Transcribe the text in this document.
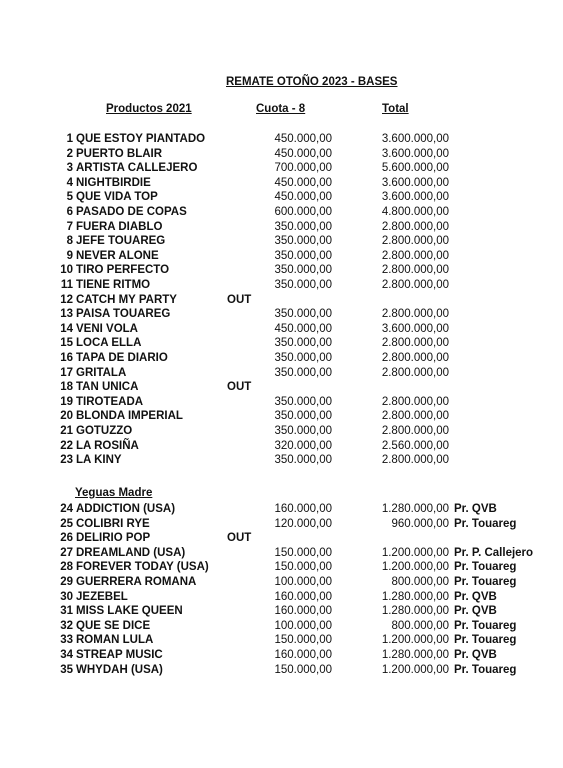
REMATE OTOÑO 2023 - BASES
Productos 2021	Cuota - 8	Total
1 QUE ESTOY PIANTADO	450.000,00	3.600.000,00
2 PUERTO BLAIR	450.000,00	3.600.000,00
3 ARTISTA CALLEJERO	700.000,00	5.600.000,00
4 NIGHTBIRDIE	450.000,00	3.600.000,00
5 QUE VIDA TOP	450.000,00	3.600.000,00
6 PASADO DE COPAS	600.000,00	4.800.000,00
7 FUERA DIABLO	350.000,00	2.800.000,00
8 JEFE TOUAREG	350.000,00	2.800.000,00
9 NEVER ALONE	350.000,00	2.800.000,00
10 TIRO PERFECTO	350.000,00	2.800.000,00
11 TIENE RITMO	350.000,00	2.800.000,00
12 CATCH MY PARTY	OUT
13 PAISA TOUAREG	350.000,00	2.800.000,00
14 VENI VOLA	450.000,00	3.600.000,00
15 LOCA ELLA	350.000,00	2.800.000,00
16 TAPA DE DIARIO	350.000,00	2.800.000,00
17 GRITALA	350.000,00	2.800.000,00
18 TAN UNICA	OUT
19 TIROTEADA	350.000,00	2.800.000,00
20 BLONDA IMPERIAL	350.000,00	2.800.000,00
21 GOTUZZO	350.000,00	2.800.000,00
22 LA ROSIÑA	320.000,00	2.560.000,00
23 LA KINY	350.000,00	2.800.000,00
Yeguas Madre
24 ADDICTION (USA)	160.000,00	1.280.000,00 Pr. QVB
25 COLIBRI RYE	120.000,00	960.000,00 Pr. Touareg
26 DELIRIO POP	OUT
27 DREAMLAND (USA)	150.000,00	1.200.000,00 Pr. P. Callejero
28 FOREVER TODAY (USA)	150.000,00	1.200.000,00 Pr. Touareg
29 GUERRERA ROMANA	100.000,00	800.000,00 Pr. Touareg
30 JEZEBEL	160.000,00	1.280.000,00 Pr. QVB
31 MISS LAKE QUEEN	160.000,00	1.280.000,00 Pr. QVB
32 QUE SE DICE	100.000,00	800.000,00 Pr. Touareg
33 ROMAN LULA	150.000,00	1.200.000,00 Pr. Touareg
34 STREAP MUSIC	160.000,00	1.280.000,00 Pr. QVB
35 WHYDAH (USA)	150.000,00	1.200.000,00 Pr. Touareg
